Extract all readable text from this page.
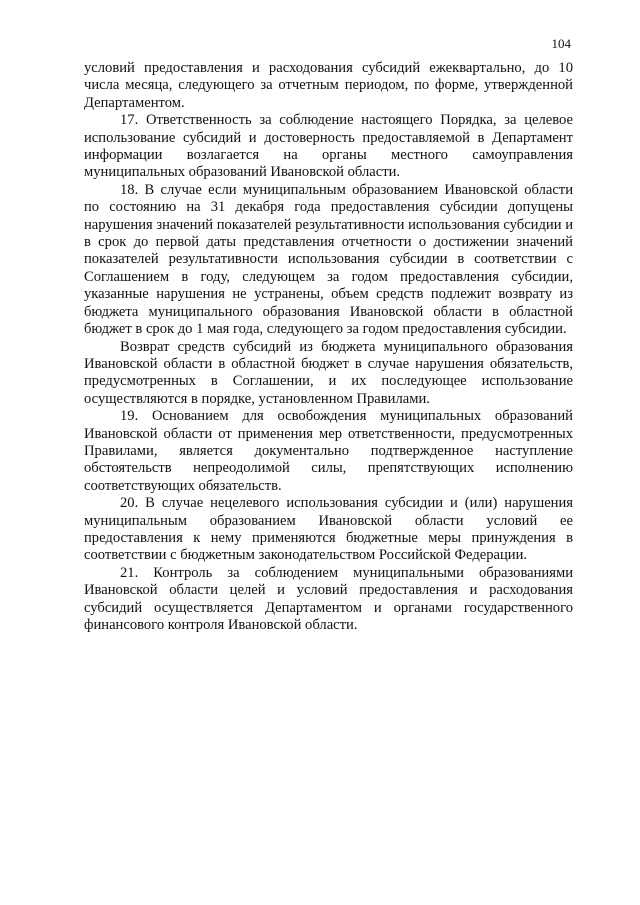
104

условий предоставления и расходования субсидий ежеквартально, до 10 числа месяца, следующего за отчетным периодом, по форме, утвержденной Департаментом.

17. Ответственность за соблюдение настоящего Порядка, за целевое использование субсидий и достоверность предоставляемой в Департамент информации возлагается на органы местного самоуправления муниципальных образований Ивановской области.

18. В случае если муниципальным образованием Ивановской области по состоянию на 31 декабря года предоставления субсидии допущены нарушения значений показателей результативности использования субсидии и в срок до первой даты представления отчетности о достижении значений показателей результативности использования субсидии в соответствии с Соглашением в году, следующем за годом предоставления субсидии, указанные нарушения не устранены, объем средств подлежит возврату из бюджета муниципального образования Ивановской области в областной бюджет в срок до 1 мая года, следующего за годом предоставления субсидии.

Возврат средств субсидий из бюджета муниципального образования Ивановской области в областной бюджет в случае нарушения обязательств, предусмотренных в Соглашении, и их последующее использование осуществляются в порядке, установленном Правилами.

19. Основанием для освобождения муниципальных образований Ивановской области от применения мер ответственности, предусмотренных Правилами, является документально подтвержденное наступление обстоятельств непреодолимой силы, препятствующих исполнению соответствующих обязательств.

20. В случае нецелевого использования субсидии и (или) нарушения муниципальным образованием Ивановской области условий ее предоставления к нему применяются бюджетные меры принуждения в соответствии с бюджетным законодательством Российской Федерации.

21. Контроль за соблюдением муниципальными образованиями Ивановской области целей и условий предоставления и расходования субсидий осуществляется Департаментом и органами государственного финансового контроля Ивановской области.
